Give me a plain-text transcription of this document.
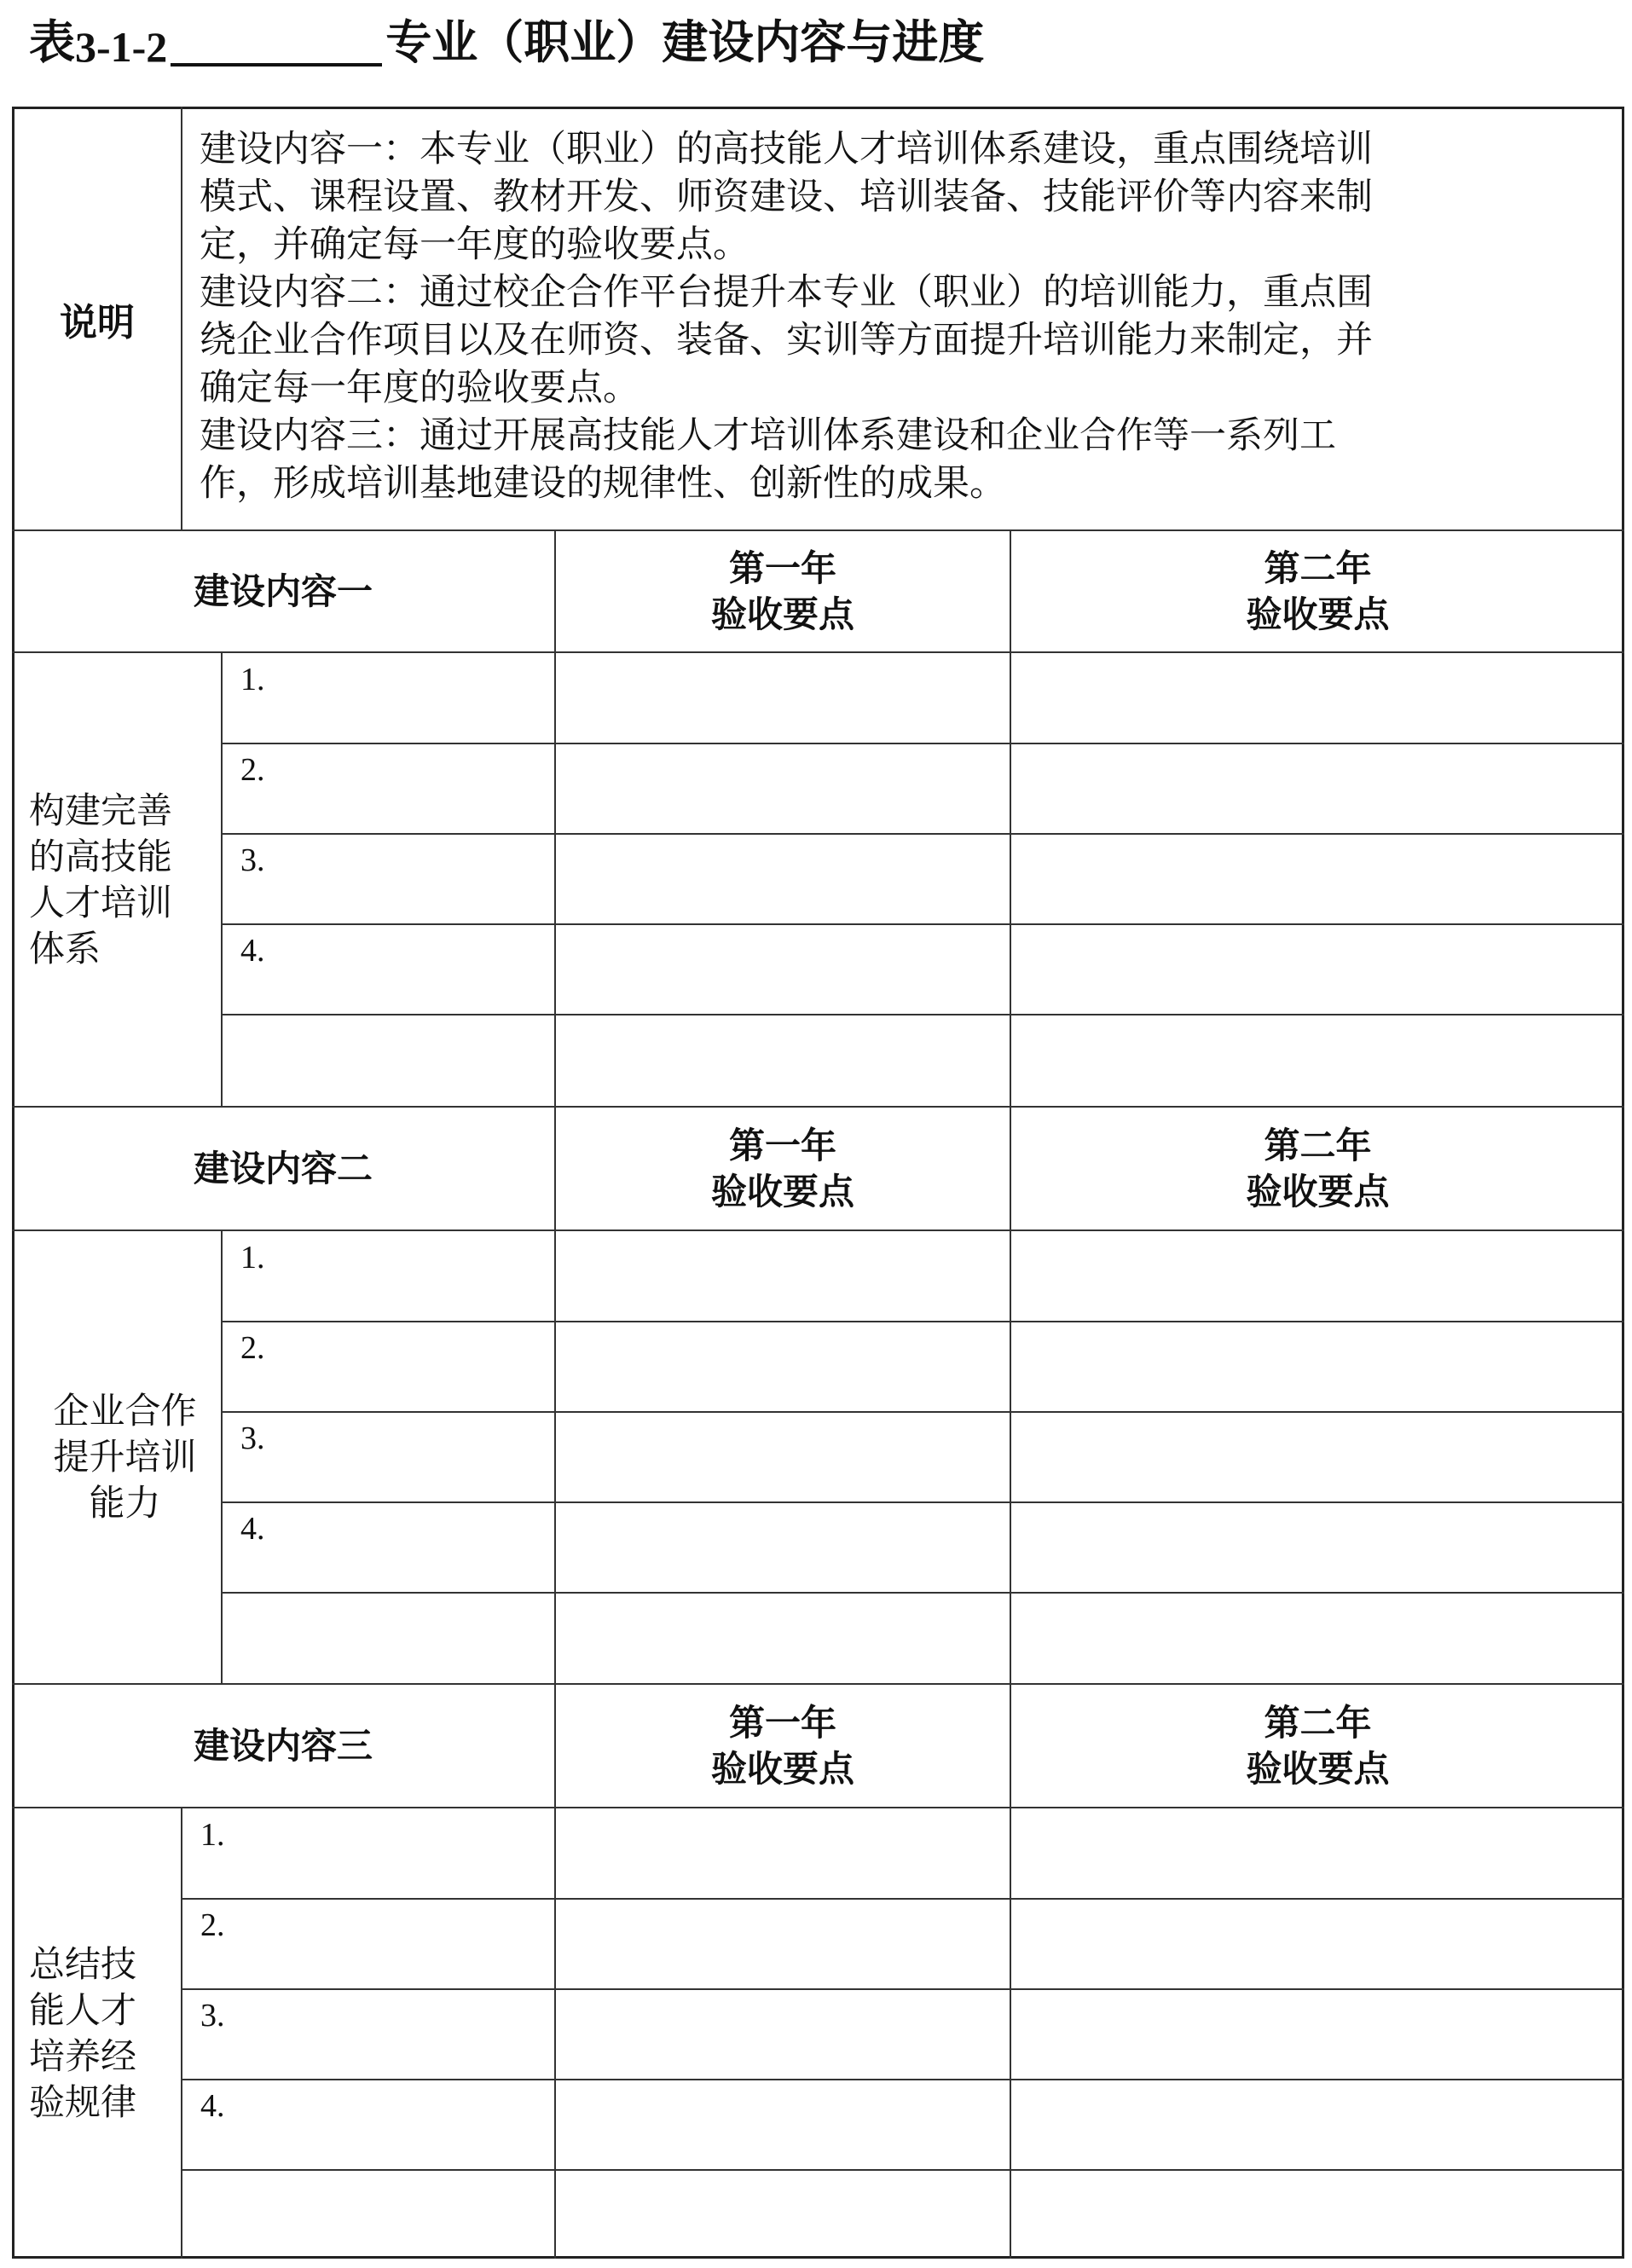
表 3-1-2	专业（职业）建设内容与进度
说明

建设内容一：本专业（职业）的高技能人才培训体系建设，重点围绕培训

模式、课程设置、教材开发、师资建设、培训装备、技能评价等内容来制

定，并确定每一年度的验收要点。

建设内容二：通过校企合作平台提升本专业（职业）的培训能力，重点围

绕企业合作项目以及在师资、装备、实训等方面提升培训能力来制定，并

确定每一年度的验收要点。

建设内容三：通过开展高技能人才培训体系建设和企业合作等一系列工

作，形成培训基地建设的规律性、创新性的成果。

建设内容一
第一年
验收要点
第二年
验收要点
构建完善
的高技能
人才培训
体系
1.
2.
3.
4.
建设内容二
第一年
验收要点
第二年
验收要点
企业合作
提升培训
能力
1.
2.
3.
4.
建设内容三
第一年
验收要点
第二年
验收要点
总结技
能人才
培养经
验规律
1.
2.
3.
4.
